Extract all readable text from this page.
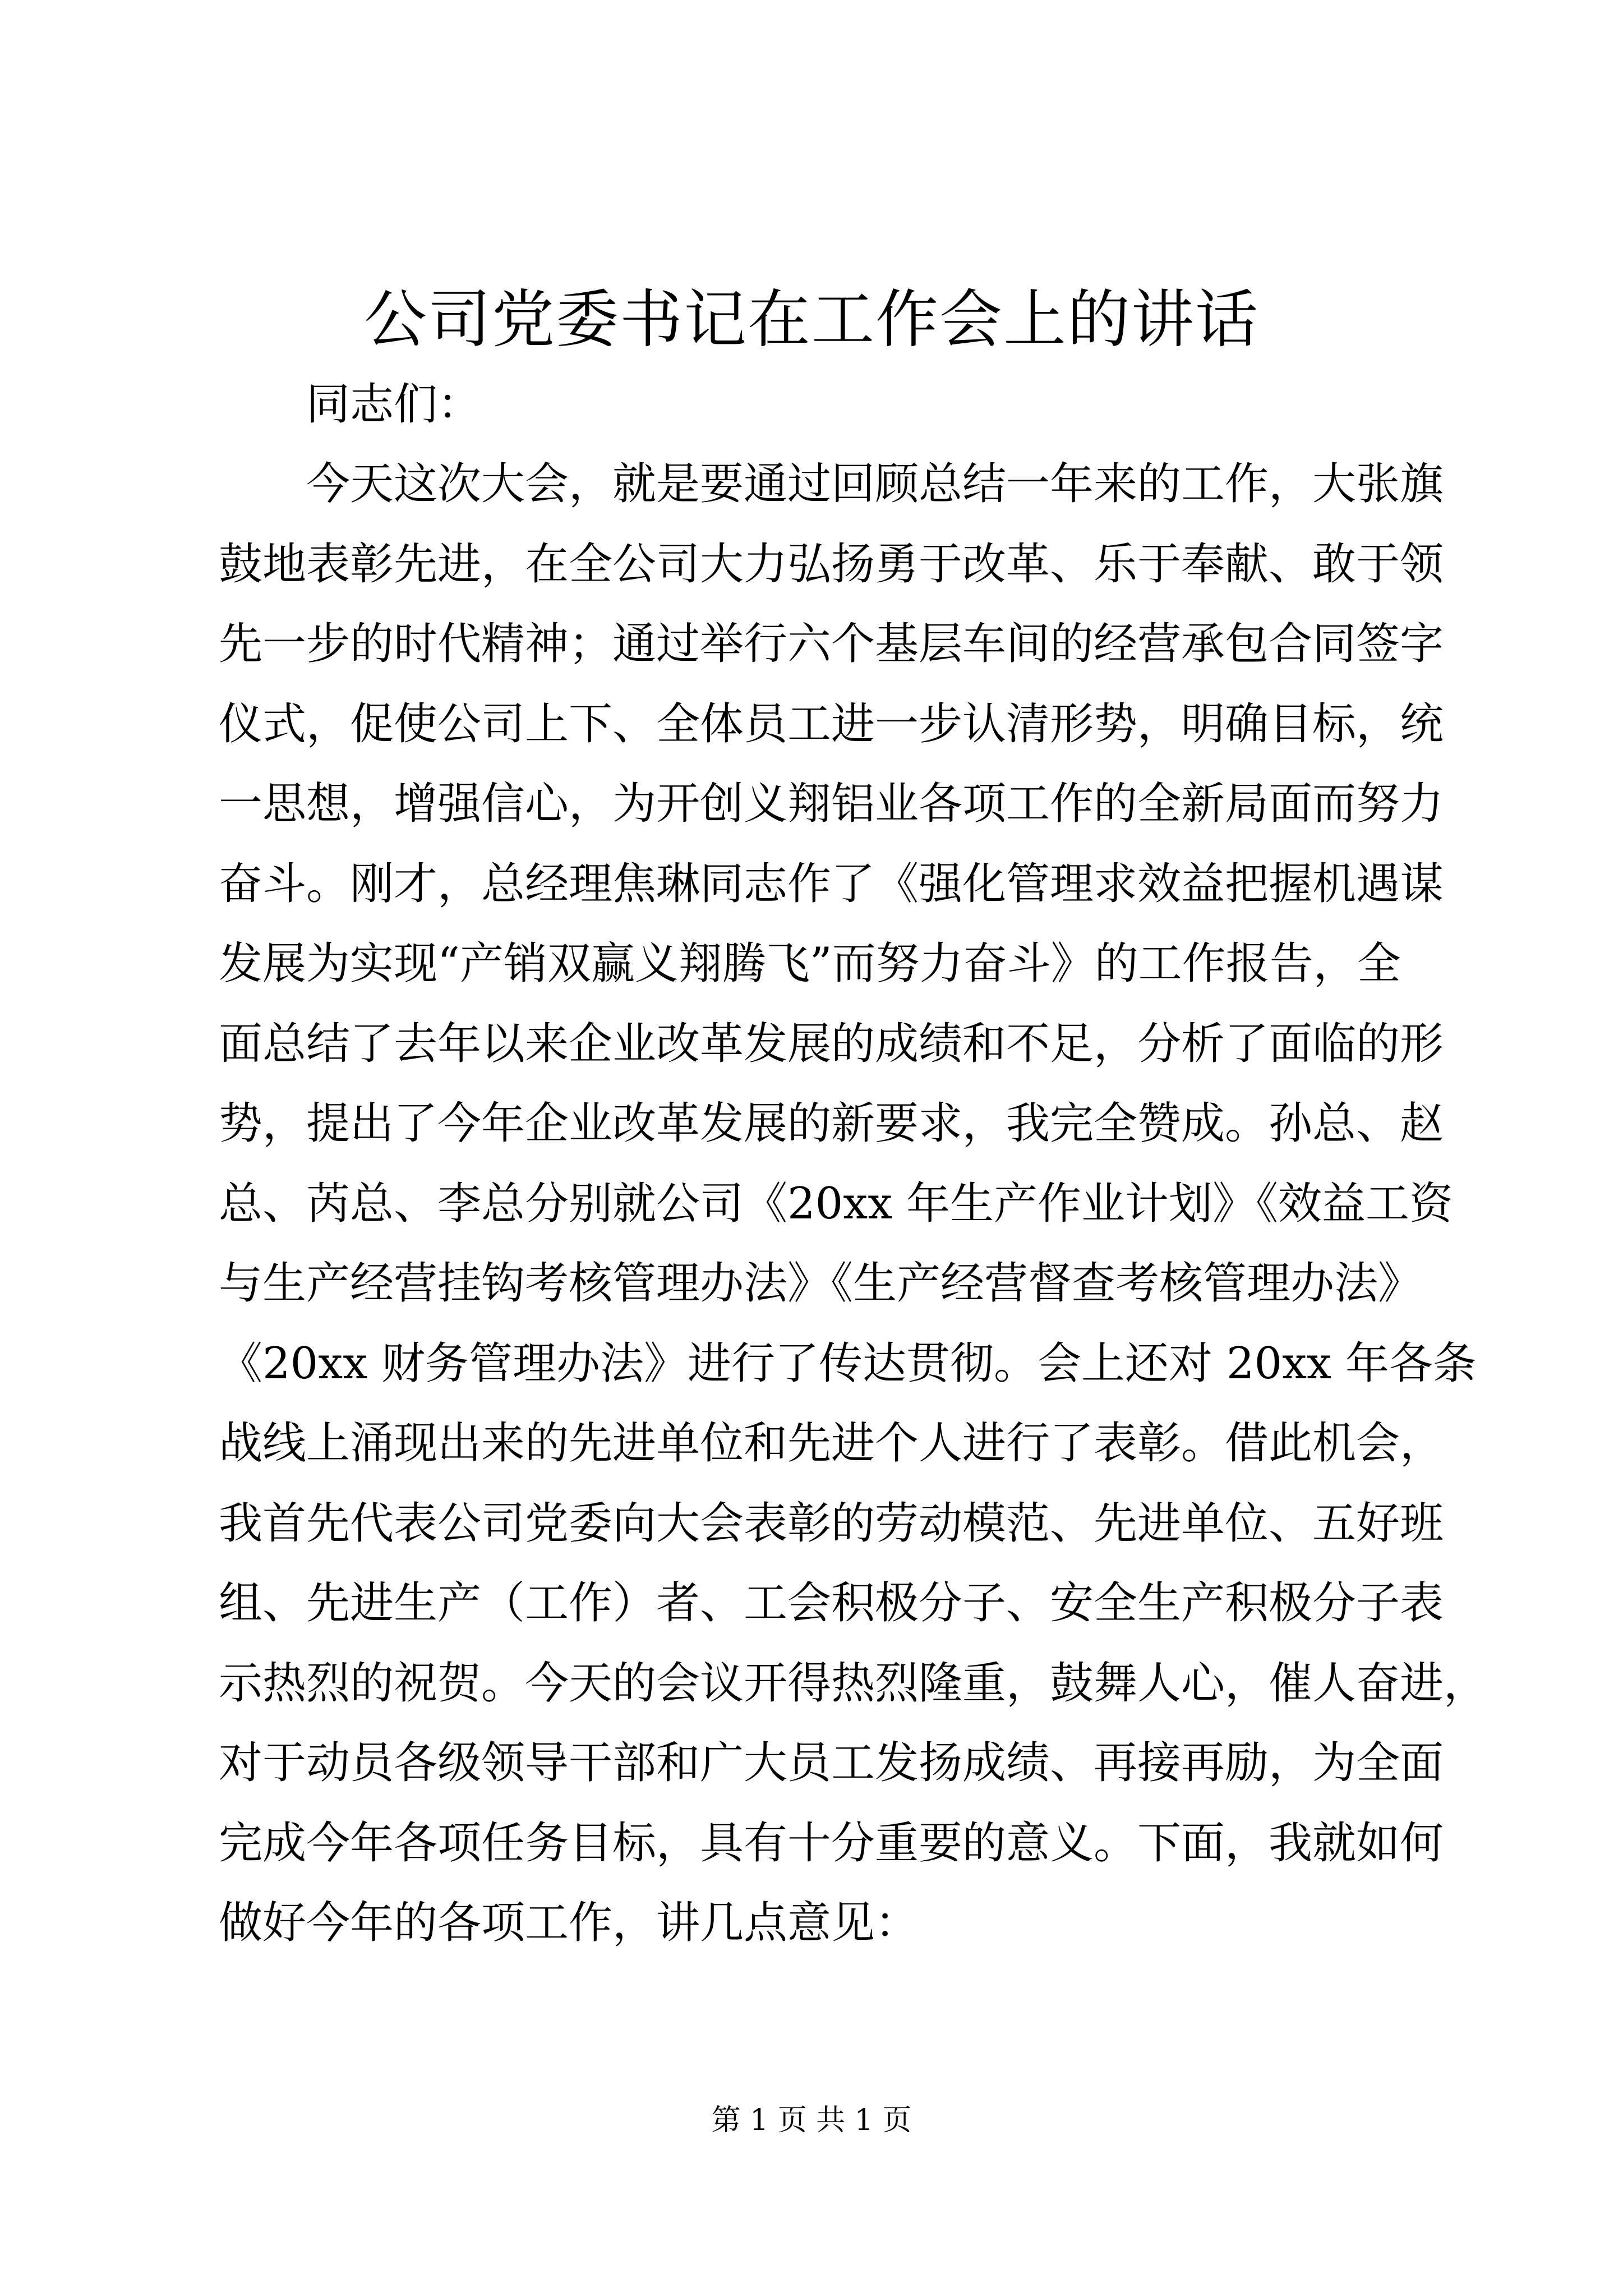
公司党委书记在工作会上的讲话

同志们：

今天这次大会，就是要通过回顾总结一年来的工作，大张旗
鼓地表彰先进，在全公司大力弘扬勇于改革、乐于奉献、敢于领
先一步的时代精神；通过举行六个基层车间的经营承包合同签字
仪式，促使公司上下、全体员工进一步认清形势，明确目标，统
一思想，增强信心，为开创义翔铝业各项工作的全新局面而努力
奋斗。刚才，总经理焦琳同志作了《强化管理求效益把握机遇谋
发展为实现“产销双赢义翔腾飞”而努力奋斗》的工作报告，全
面总结了去年以来企业改革发展的成绩和不足，分析了面临的形
势，提出了今年企业改革发展的新要求，我完全赞成。孙总、赵
总、芮总、李总分别就公司《20xx 年生产作业计划》《效益工资
与生产经营挂钩考核管理办法》《生产经营督查考核管理办法》
《20xx 财务管理办法》进行了传达贯彻。会上还对 20xx 年各条
战线上涌现出来的先进单位和先进个人进行了表彰。借此机会，
我首先代表公司党委向大会表彰的劳动模范、先进单位、五好班
组、先进生产（工作）者、工会积极分子、安全生产积极分子表
示热烈的祝贺。今天的会议开得热烈隆重，鼓舞人心，催人奋进，
对于动员各级领导干部和广大员工发扬成绩、再接再励，为全面
完成今年各项任务目标，具有十分重要的意义。下面，我就如何
做好今年的各项工作，讲几点意见：
第 1 页 共 1 页
